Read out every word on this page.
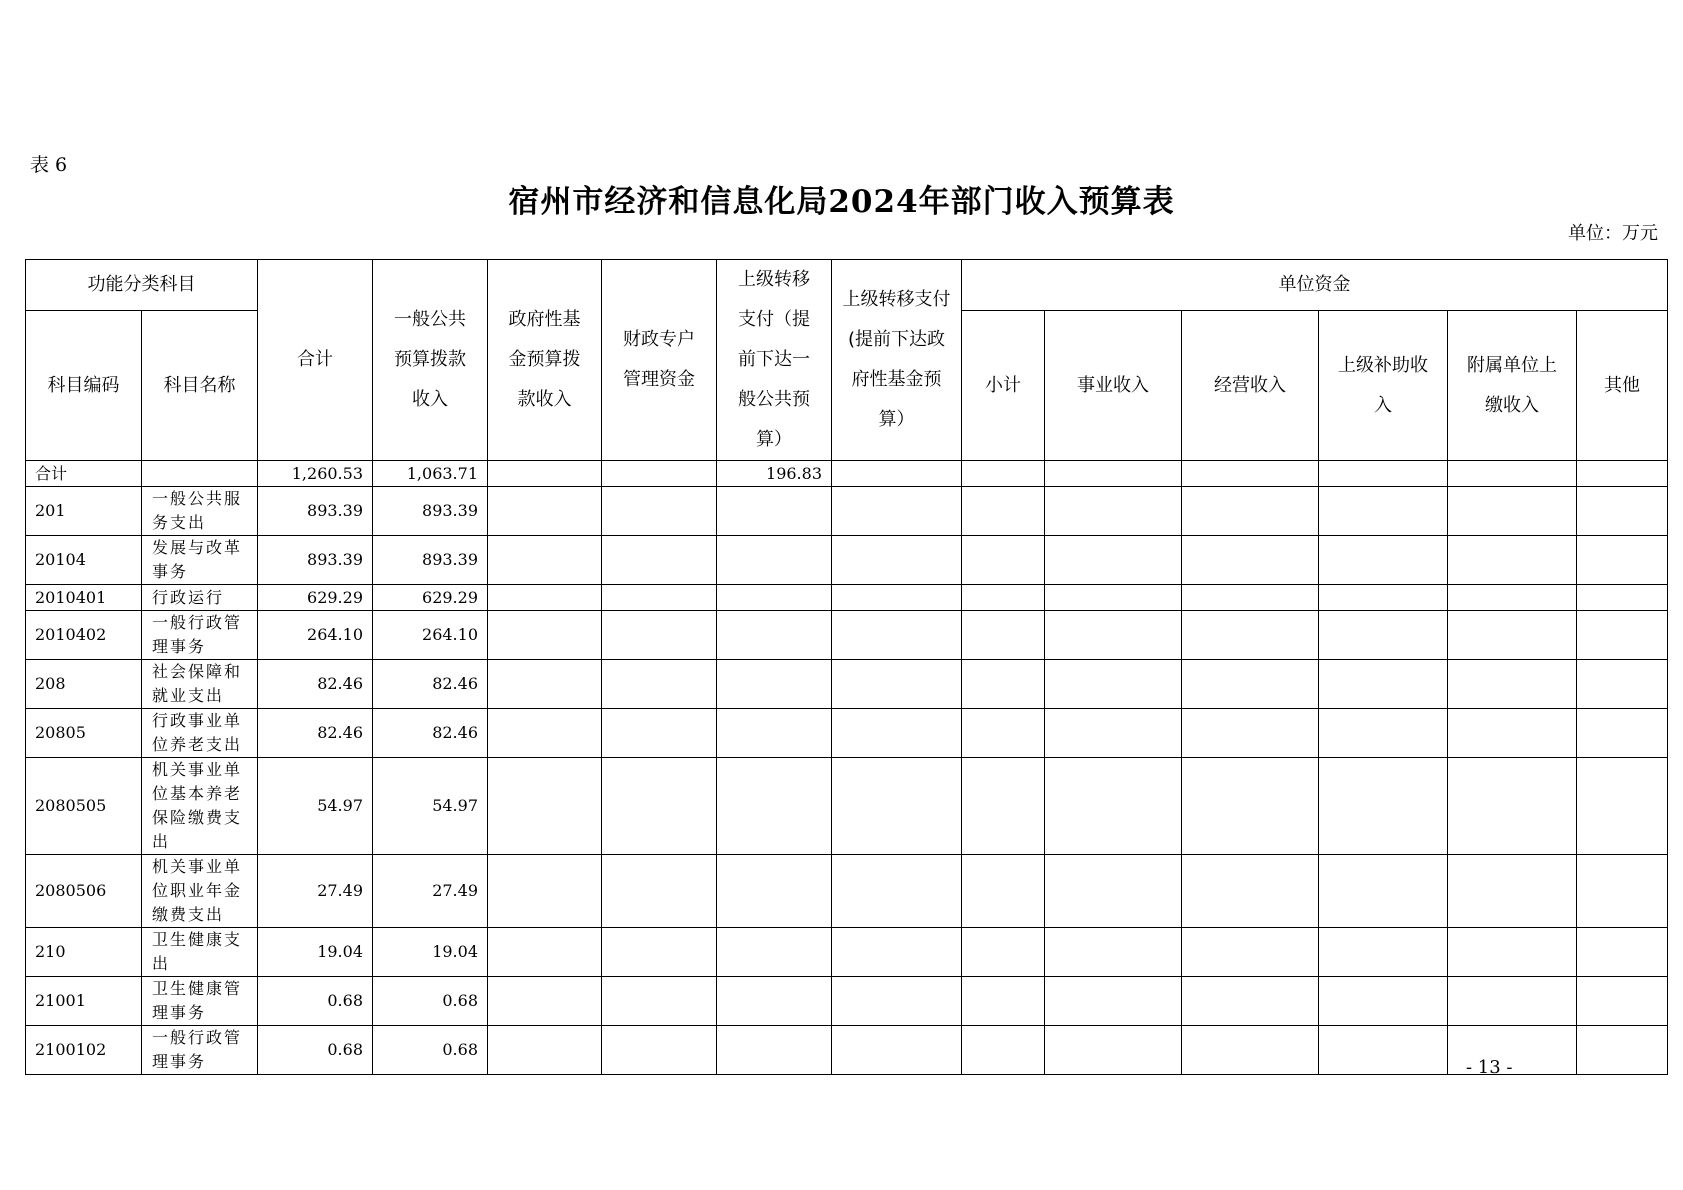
表 6
宿州市经济和信息化局2024年部门收入预算表
单位：万元
功能分类科目		合计	一般公共预算拨款收入	政府性基金预算拨款收入	财政专户管理资金	上级转移支付（提前下达一般公共预算）	上级转移支付(提前下达政府性基金预算）	单位资金					
科目编码	科目名称							小计	事业收入	经营收入	上级补助收入	附属单位上缴收入	其他
合计		1,260.53	1,063.71			196.83							
201	一般公共服务支出	893.39	893.39										
20104	发展与改革事务	893.39	893.39										
2010401	行政运行	629.29	629.29										
2010402	一般行政管理事务	264.10	264.10										
208	社会保障和就业支出	82.46	82.46										
20805	行政事业单位养老支出	82.46	82.46										
2080505	机关事业单位基本养老保险缴费支出	54.97	54.97										
2080506	机关事业单位职业年金缴费支出	27.49	27.49										
210	卫生健康支出	19.04	19.04										
21001	卫生健康管理事务	0.68	0.68										
2100102	一般行政管理事务	0.68	0.68										
- 13 -
